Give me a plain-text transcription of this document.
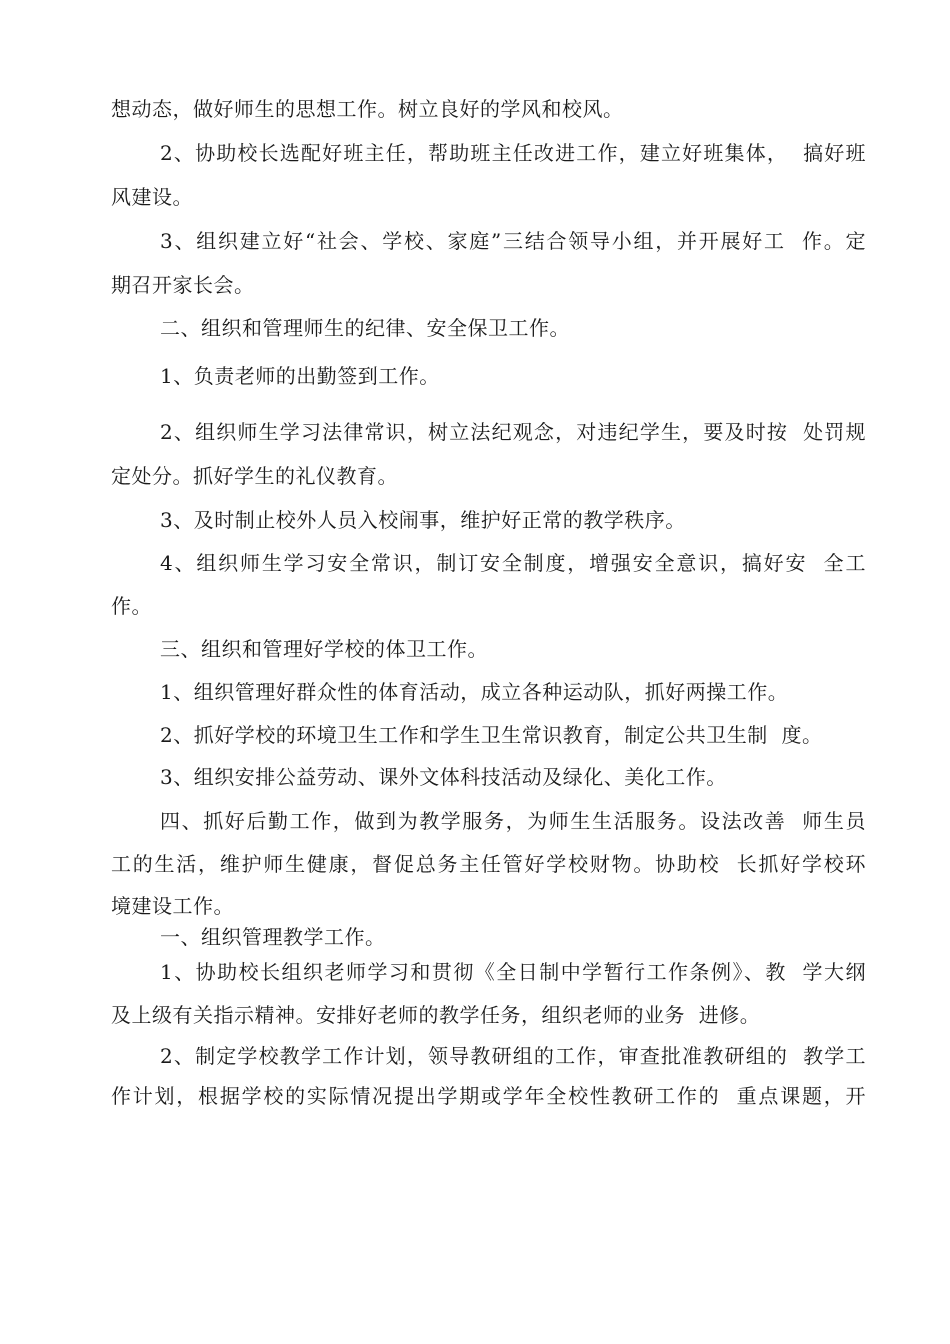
想动态，做好师生的思想工作。树立良好的学风和校风。
2、协助校长选配好班主任，帮助班主任改进工作，建立好班集体，  搞好班
风建设。
3、组织建立好“社会、学校、家庭”三结合领导小组，并开展好工  作。定
期召开家长会。
二、组织和管理师生的纪律、安全保卫工作。
1、负责老师的出勤签到工作。
2、组织师生学习法律常识，树立法纪观念，对违纪学生，要及时按  处罚规
定处分。抓好学生的礼仪教育。
3、及时制止校外人员入校闹事，维护好正常的教学秩序。
4、组织师生学习安全常识，制订安全制度，增强安全意识，搞好安  全工
作。
三、组织和管理好学校的体卫工作。
1、组织管理好群众性的体育活动，成立各种运动队，抓好两操工作。
2、抓好学校的环境卫生工作和学生卫生常识教育，制定公共卫生制  度。
3、组织安排公益劳动、课外文体科技活动及绿化、美化工作。
四、抓好后勤工作，做到为教学服务，为师生生活服务。设法改善  师生员
工的生活，维护师生健康，督促总务主任管好学校财物。协助校  长抓好学校环
境建设工作。
一、组织管理教学工作。
1、协助校长组织老师学习和贯彻《全日制中学暂行工作条例》、教  学大纲
及上级有关指示精神。安排好老师的教学任务，组织老师的业务  进修。
2、制定学校教学工作计划，领导教研组的工作，审查批准教研组的  教学工
作计划，根据学校的实际情况提出学期或学年全校性教研工作的  重点课题，开
